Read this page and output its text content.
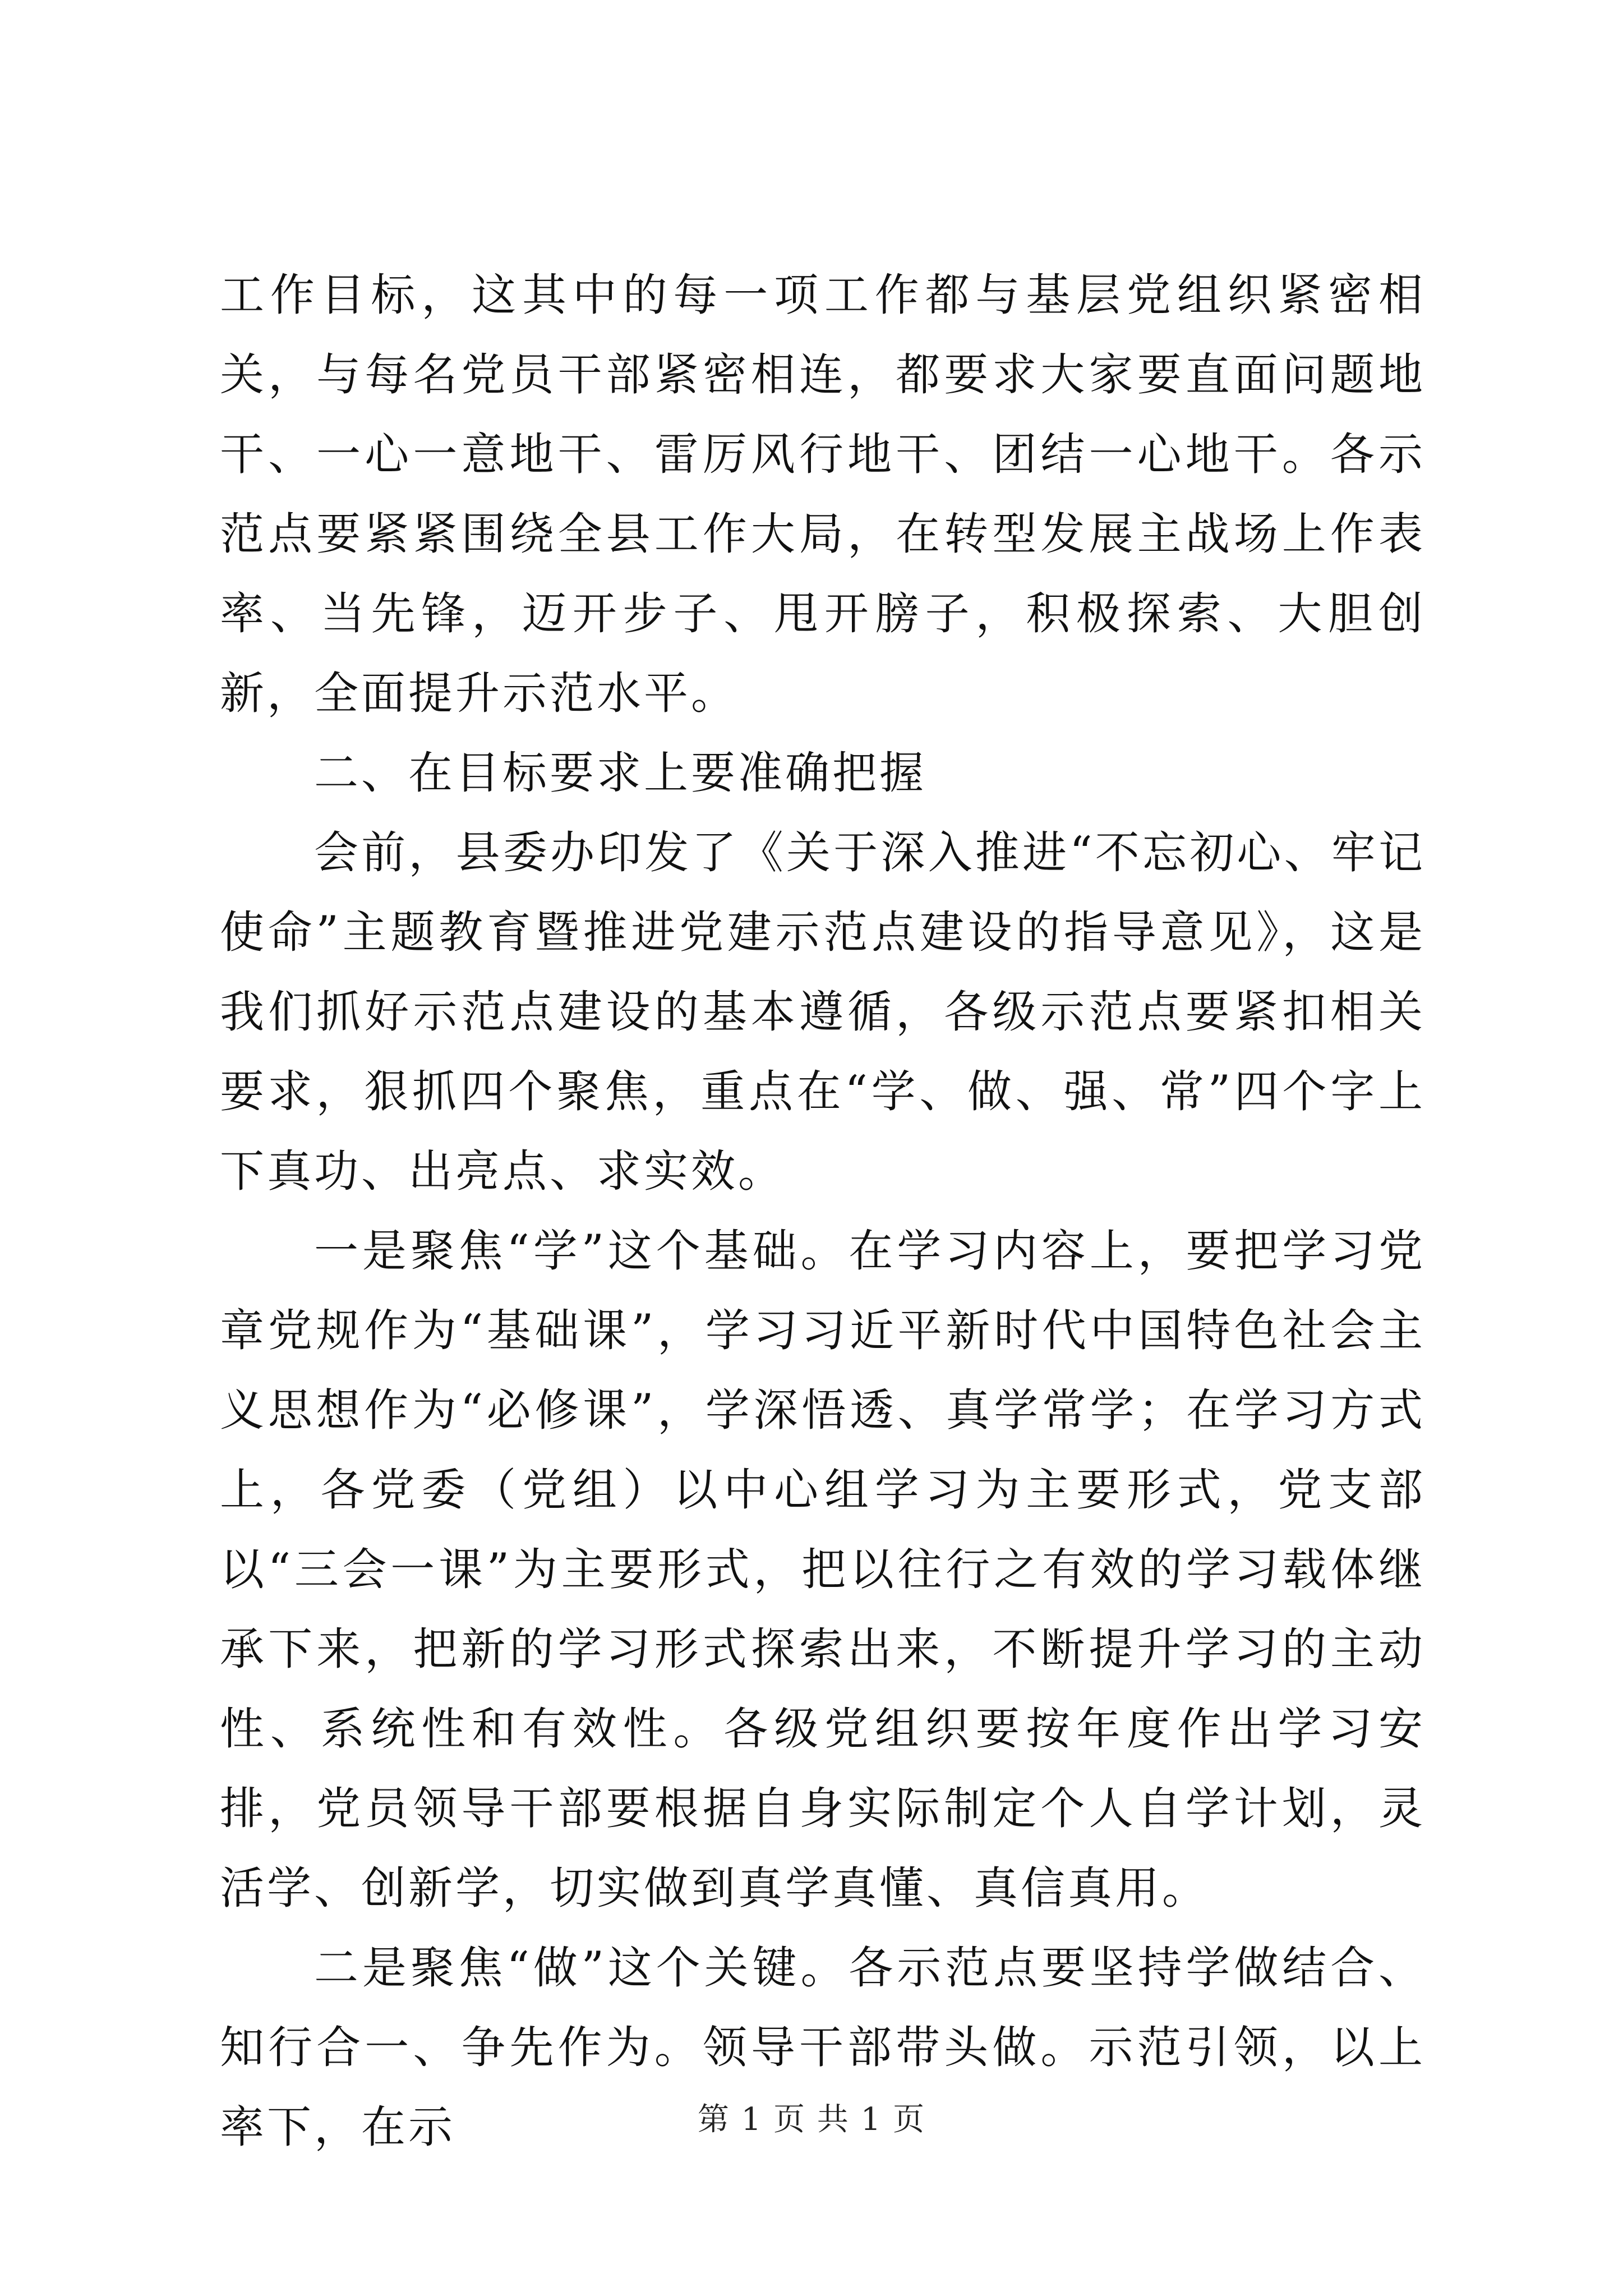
工作目标，这其中的每一项工作都与基层党组织紧密相关，与每名党员干部紧密相连，都要求大家要直面问题地干、一心一意地干、雷厉风行地干、团结一心地干。各示范点要紧紧围绕全县工作大局，在转型发展主战场上作表率、当先锋，迈开步子、甩开膀子，积极探索、大胆创新，全面提升示范水平。

二、在目标要求上要准确把握

会前，县委办印发了《关于深入推进“不忘初心、牢记使命”主题教育暨推进党建示范点建设的指导意见》，这是我们抓好示范点建设的基本遵循，各级示范点要紧扣相关要求，狠抓四个聚焦，重点在“学、做、强、常”四个字上下真功、出亮点、求实效。

一是聚焦“学”这个基础。在学习内容上，要把学习党章党规作为“基础课”，学习习近平新时代中国特色社会主义思想作为“必修课”，学深悟透、真学常学；在学习方式上，各党委（党组）以中心组学习为主要形式，党支部以“三会一课”为主要形式，把以往行之有效的学习载体继承下来，把新的学习形式探索出来，不断提升学习的主动性、系统性和有效性。各级党组织要按年度作出学习安排，党员领导干部要根据自身实际制定个人自学计划，灵活学、创新学，切实做到真学真懂、真信真用。

二是聚焦“做”这个关键。各示范点要坚持学做结合、知行合一、争先作为。领导干部带头做。示范引领，以上率下，在示	第 1 页 共 1 页
